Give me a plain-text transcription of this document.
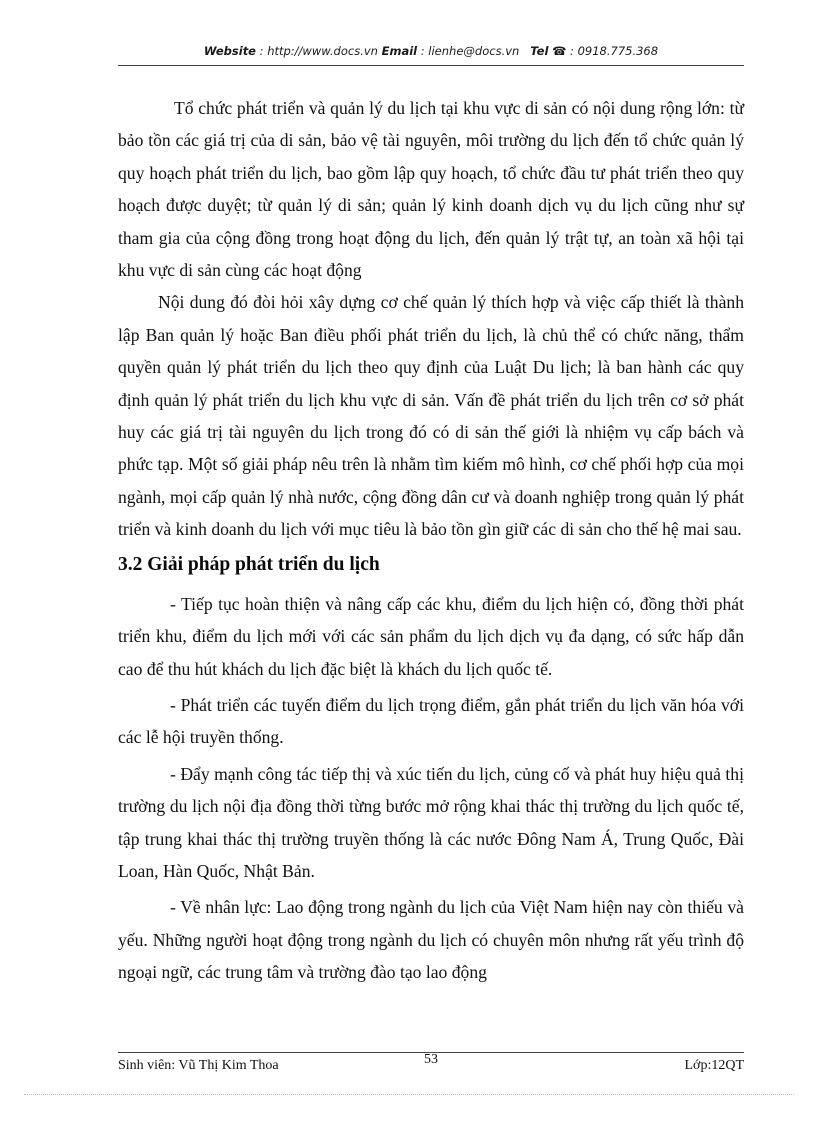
Website : http://www.docs.vn Email : lienhe@docs.vn Tel ☎ : 0918.775.368

Tổ chức phát triển và quản lý du lịch tại khu vực di sản có nội dung rộng lớn: từ bảo tồn các giá trị của di sản, bảo vệ tài nguyên, môi trường du lịch đến tổ chức quản lý quy hoạch phát triển du lịch, bao gồm lập quy hoạch, tổ chức đầu tư phát triển theo quy hoạch được duyệt; từ quản lý di sản; quản lý kinh doanh dịch vụ du lịch cũng như sự tham gia của cộng đồng trong hoạt động du lịch, đến quản lý trật tự, an toàn xã hội tại khu vực di sản cùng các hoạt động

Nội dung đó đòi hỏi xây dựng cơ chế quản lý thích hợp và việc cấp thiết là thành lập Ban quản lý hoặc Ban điều phối phát triển du lịch, là chủ thể có chức năng, thẩm quyền quản lý phát triển du lịch theo quy định của Luật Du lịch; là ban hành các quy định quản lý phát triển du lịch khu vực di sản. Vấn đề phát triển du lịch trên cơ sở phát huy các giá trị tài nguyên du lịch trong đó có di sản thế giới là nhiệm vụ cấp bách và phức tạp. Một số giải pháp nêu trên là nhằm tìm kiếm mô hình, cơ chế phối hợp của mọi ngành, mọi cấp quản lý nhà nước, cộng đồng dân cư và doanh nghiệp trong quản lý phát triển và kinh doanh du lịch với mục tiêu là bảo tồn gìn giữ các di sản cho thế hệ mai sau.

3.2 Giải pháp phát triển du lịch

- Tiếp tục hoàn thiện và nâng cấp các khu, điểm du lịch hiện có, đồng thời phát triển khu, điểm du lịch mới với các sản phẩm du lịch dịch vụ đa dạng, có sức hấp dẫn cao để thu hút khách du lịch đặc biệt là khách du lịch quốc tế.

- Phát triển các tuyến điểm du lịch trọng điểm, gắn phát triển du lịch văn hóa với các lễ hội truyền thống.

- Đẩy mạnh công tác tiếp thị và xúc tiến du lịch, củng cố và phát huy hiệu quả thị trường du lịch nội địa đồng thời từng bước mở rộng khai thác thị trường du lịch quốc tế, tập trung khai thác thị trường truyền thống là các nước Đông Nam Á, Trung Quốc, Đài Loan, Hàn Quốc, Nhật Bản.

- Về nhân lực: Lao động trong ngành du lịch của Việt Nam hiện nay còn thiếu và yếu. Những người hoạt động trong ngành du lịch có chuyên môn nhưng rất yếu trình độ ngoại ngữ, các trung tâm và trường đào tạo lao động

Sinh viên: Vũ Thị Kim Thoa	53	Lớp:12QT
